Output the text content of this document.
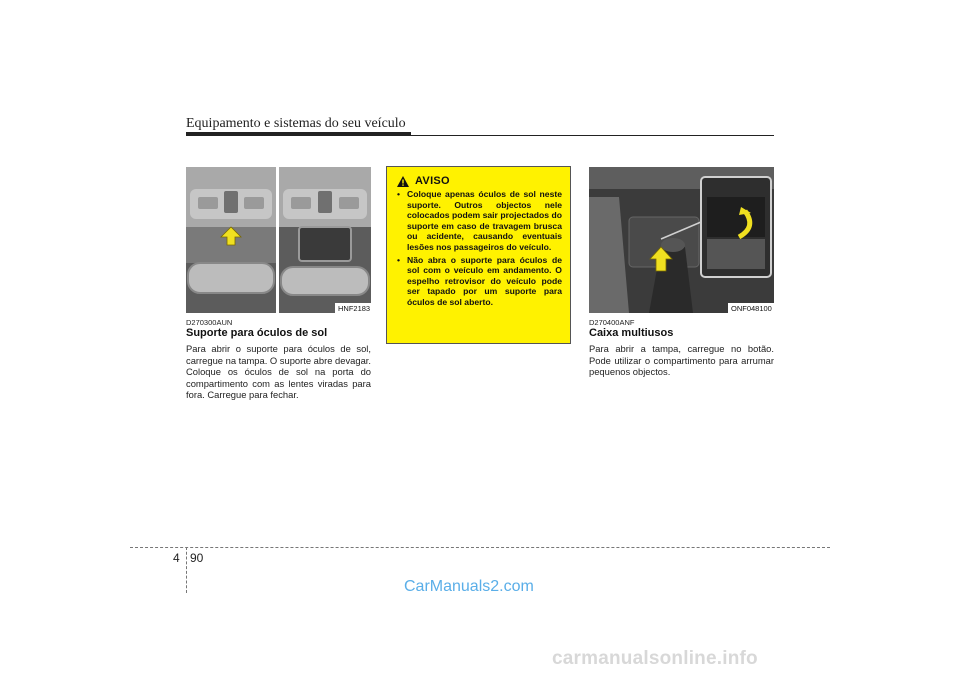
Equipamento e sistemas do seu veículo
HNF2183
D270300AUN
Suporte para óculos de sol
Para abrir o suporte para óculos de sol, carregue na tampa. O suporte abre devagar. Coloque os óculos de sol na porta do compartimento com as lentes viradas para fora. Carregue para fechar.
AVISO
• Coloque apenas óculos de sol neste suporte. Outros objectos nele colocados podem sair projectados do suporte em caso de travagem brusca ou acidente, causando eventuais lesões nos passageiros do veículo.
• Não abra o suporte para óculos de sol com o veículo em andamento. O espelho retrovisor do veículo pode ser tapado por um suporte para óculos de sol aberto.
ONF048100
D270400ANF
Caixa multiusos
Para abrir a tampa, carregue no botão. Pode utilizar o compartimento para arrumar pequenos objectos.
4 90
CarManuals2.com
carmanualsonline.info
